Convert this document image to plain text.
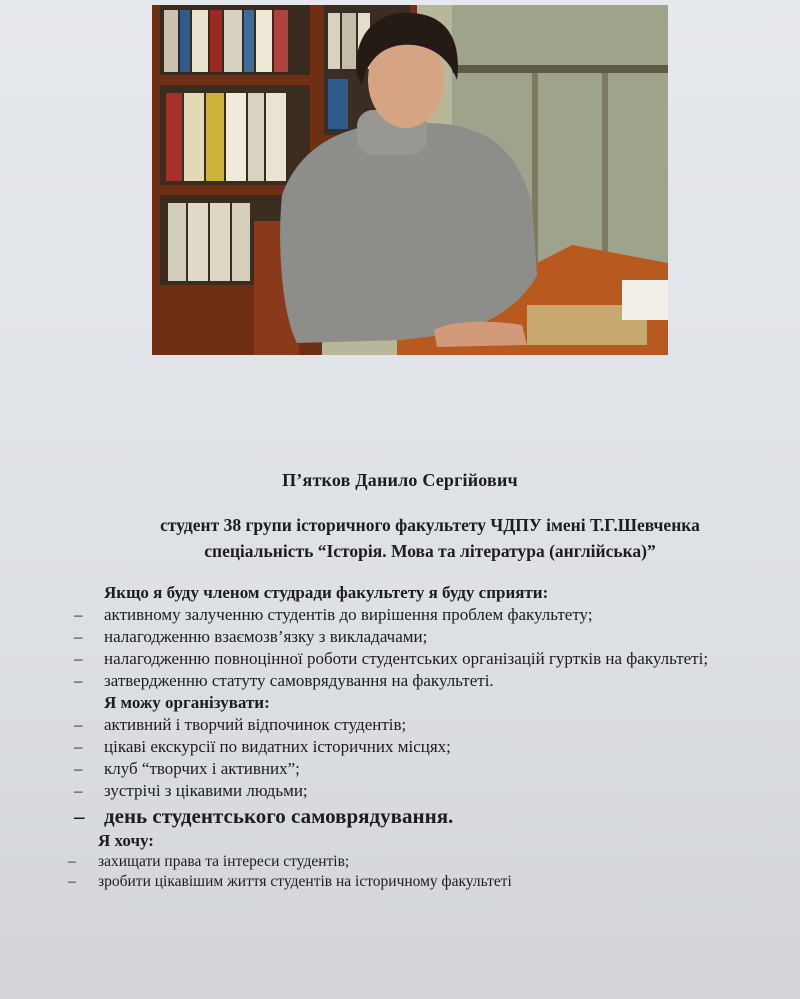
П’ятков Данило Сергійович
студент 38 групи історичного факультету ЧДПУ імені Т.Г.Шевченка
спеціальність “Історія. Мова та література (англійська)”
Якщо я буду членом студради факультету я буду сприяти:
– активному залученню студентів до вирішення проблем факультету;
– налагодженню взаємозв’язку з викладачами;
– налагодженню повноцінної роботи студентських організацій гуртків на факультеті;
– затвердженню статуту самоврядування на факультеті.
Я можу організувати:
– активний і творчий відпочинок студентів;
– цікаві екскурсії по видатних історичних місцях;
– клуб “творчих і активних”;
– зустрічі з цікавими людьми;
– день студентського самоврядування.
Я хочу:
– захищати права та інтереси студентів;
– зробити цікавішим життя студентів на історичному факультеті
